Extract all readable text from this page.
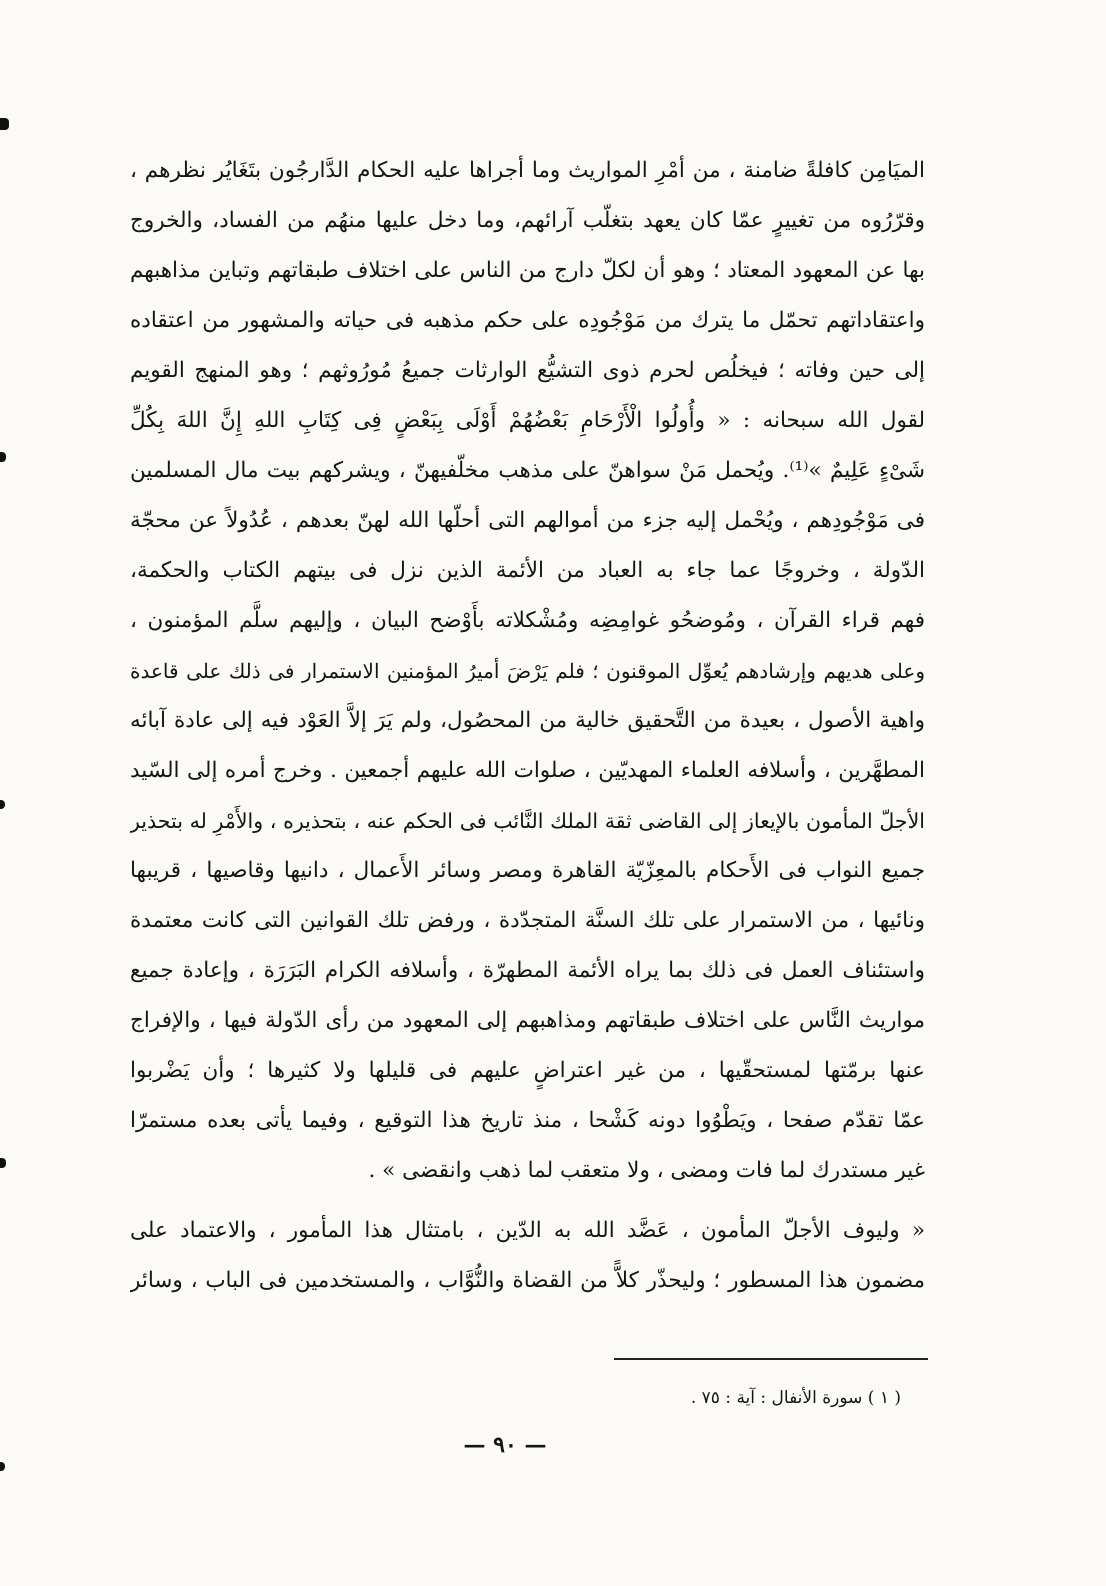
الميَامِن كافلةً ضامنة ، من أمْرِ المواريث وما أجراها عليه الحكام الدَّارجُون بتَغَايُر نظرهم ،
وقرّرُوه من تغييرٍ عمّا كان يعهد بتغلّب آرائهم، وما دخل عليها منهُم من الفساد، والخروج
بها عن المعهود المعتاد ؛ وهو أن لكلّ دارج من الناس على اختلاف طبقاتهم وتباين مذاهبهم
واعتقاداتهم تحمّل ما يترك من مَوْجُودِه على حكم مذهبه فى حياته والمشهور من اعتقاده
إلى حين وفاته ؛ فيخلُص لحرم ذوى التشيُّع الوارثات جميعُ مُورُوثهم ؛ وهو المنهج القويم
لقول الله سبحانه : « وأُولُوا الْأَرْحَامِ بَعْضُهُمْ أَوْلَى بِبَعْضٍ فِى كِتَابِ اللهِ إِنَّ اللهَ بِكُلِّ
شَىْءٍ عَلِيمٌ »⁽¹⁾. ويُحمل مَنْ سواهنّ على مذهب مخلّفيهنّ ، ويشركهم بيت مال المسلمين
فى مَوْجُودِهم ، ويُحْمل إليه جزء من أموالهم التى أحلّها الله لهنّ بعدهم ، عُدُولاً عن محجّة
الدّولة ، وخروجًا عما جاء به العباد من الأئمة الذين نزل فى بيتهم الكتاب والحكمة،
فهم قراء القرآن ، ومُوضحُو غوامِضِه ومُشْكلاته بأَوْضح البيان ، وإليهم سلَّم المؤمنون ،
وعلى هديهم وإرشادهم يُعوِّل الموقنون ؛ فلم يَرْضَ أميرُ المؤمنين الاستمرار فى ذلك على قاعدة
واهية الأصول ، بعيدة من التَّحقيق خالية من المحصُول، ولم يَرَ إلاَّ العَوْد فيه إلى عادة آبائه
المطهَّرين ، وأسلافه العلماء المهديّين ، صلوات الله عليهم أجمعين . وخرج أمره إلى السّيد
الأجلّ المأمون بالإيعاز إلى القاضى ثقة الملك النَّائب فى الحكم عنه ، بتحذيره ، والأَمْرِ له بتحذير
جميع النواب فى الأَحكام بالمعِزّيّة القاهرة ومصر وسائر الأَعمال ، دانيها وقاصيها ، قريبها
ونائيها ، من الاستمرار على تلك السنَّة المتجدّدة ، ورفض تلك القوانين التى كانت معتمدة
واستئناف العمل فى ذلك بما يراه الأئمة المطهرّة ، وأسلافه الكرام البَرَرَة ، وإعادة جميع
مواريث النَّاس على اختلاف طبقاتهم ومذاهبهم إلى المعهود من رأى الدّولة فيها ، والإفراج
عنها برمّتها لمستحقّيها ، من غير اعتراضٍ عليهم فى قليلها ولا كثيرها ؛ وأن يَضْربوا
عمّا تقدّم صفحا ، ويَطْوُوا دونه كَشْحا ، منذ تاريخ هذا التوقيع ، وفيما يأتى بعده مستمرّا
غير مستدرك لما فات ومضى ، ولا متعقب لما ذهب وانقضى » .
« وليوف الأجلّ المأمون ، عَضَّد الله به الدّين ، بامتثال هذا المأمور ، والاعتماد على
مضمون هذا المسطور ؛ وليحذّر كلاًّ من القضاة والنُّوَّاب ، والمستخدمين فى الباب ، وسائر
( ١ ) سورة الأنفال : آية : ٧٥ .
— ٩٠ —
